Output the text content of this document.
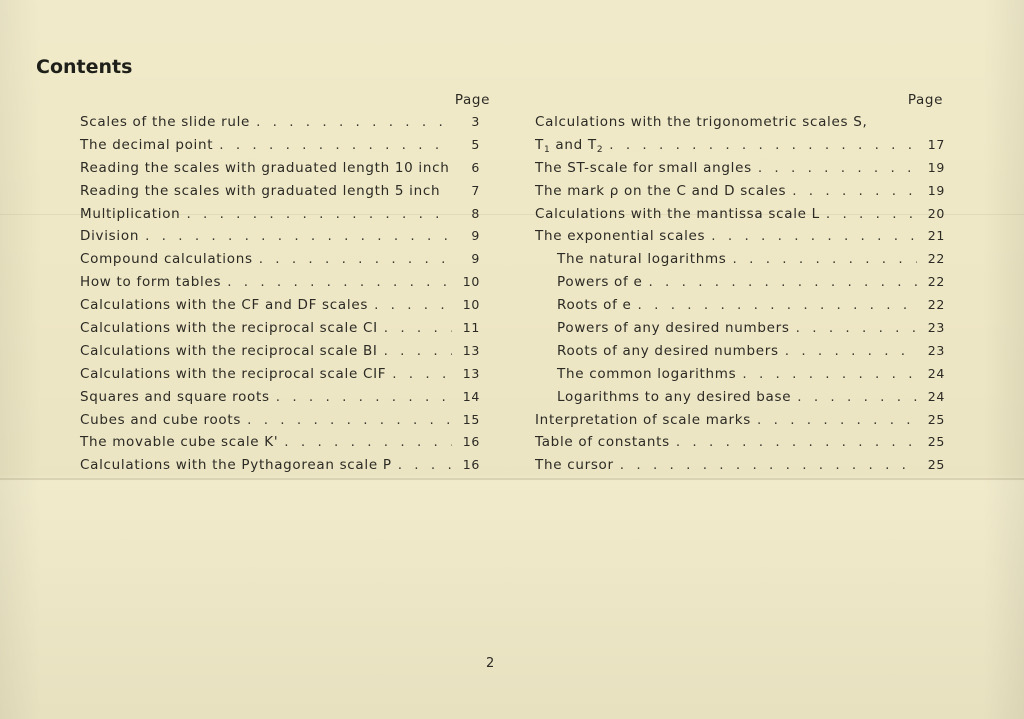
Contents
Page
Scales of the slide rule . . .	3
The decimal point . . .	5
Reading the scales with graduated length 10 inch	6
Reading the scales with graduated length 5 inch	7
Multiplication . . .	8
Division . . .	9
Compound calculations . . .	9
How to form tables . . .	10
Calculations with the CF and DF scales . . .	10
Calculations with the reciprocal scale CI . . .	11
Calculations with the reciprocal scale BI . . .	13
Calculations with the reciprocal scale CIF . . .	13
Squares and square roots . . .	14
Cubes and cube roots . . .	15
The movable cube scale K' . . .	16
Calculations with the Pythagorean scale P . . .	16
Page
Calculations with the trigonometric scales S,
$T_1$ and $T_2$ . . .	17
The ST-scale for small angles . . .	19
The mark ρ on the C and D scales . . .	19
Calculations with the mantissa scale L . . .	20
The exponential scales . . .	21
The natural logarithms . . .	22
Powers of e . . .	22
Roots of e . . .	22
Powers of any desired numbers . . .	23
Roots of any desired numbers . . .	23
The common logarithms . . .	24
Logarithms to any desired base . . .	24
Interpretation of scale marks . . .	25
Table of constants . . .	25
The cursor . . .	25
2
